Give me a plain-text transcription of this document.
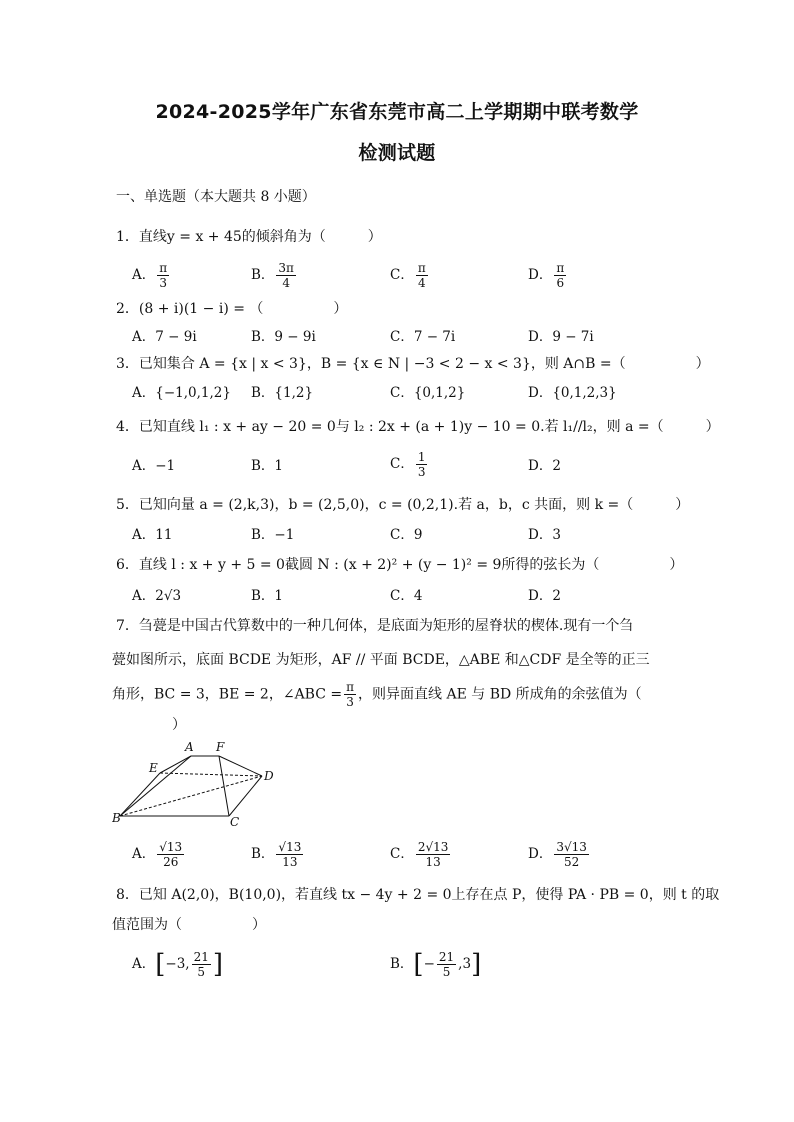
2024-2025学年广东省东莞市高二上学期期中联考数学
检测试题
一、单选题（本大题共 8 小题）
1．直线y = x + 45的倾斜角为（　　　）
A． $\frac{\pi}{3}$	B． $\frac{3\pi}{4}$	C． $\frac{\pi}{4}$	D． $\frac{\pi}{6}$
2．(8 + i)(1 − i) = （　　　　　）
A．7 − 9i	B．9 − 9i	C．7 − 7i	D．9 − 7i
3．已知集合 A = {x | x < 3}，B = {x ∈ N | −3 < 2 − x < 3}，则 A∩B =（　　　　　）
A．{−1,0,1,2} B．{1,2}	C．{0,1,2}	D．{0,1,2,3}
4．已知直线 l₁ : x + ay − 20 = 0与 l₂ : 2x + (a + 1)y − 10 = 0.若 l₁//l₂，则 a =（　　　）
A．−1	B．1	C． $\frac{1}{3}$	D．2
5．已知向量 a = (2,k,3)，b = (2,5,0)，c = (0,2,1).若 a，b，c 共面，则 k =（　　　）
A．11	B．−1	C．9	D．3
6．直线 l : x + y + 5 = 0截圆 N : (x + 2)² + (y − 1)² = 9所得的弦长为（　　　　　）
A．2√3	B．1	C．4	D．2
7．刍甍是中国古代算数中的一种几何体，是底面为矩形的屋脊状的楔体.现有一个刍
甍如图所示，底面 BCDE 为矩形，AF // 平面 BCDE，△ABE 和△CDF 是全等的正三
角形，BC = 3，BE = 2，∠ABC = $\frac{\pi}{3}$ ，则异面直线 AE 与 BD 所成角的余弦值为（
）
A F
E
D
B	C
A． $\frac{√13}{26}$	B． $\frac{√13}{13}$	C． $\frac{2√13}{13}$	D． $\frac{3√13}{52}$
8．已知 A(2,0)，B(10,0)，若直线 tx − 4y + 2 = 0上存在点 P，使得 PA · PB = 0，则 t 的取
值范围为（　　　　　）
A．[−3, $\frac{21}{5}$ ]	B．[− $\frac{21}{5} ,3$]
